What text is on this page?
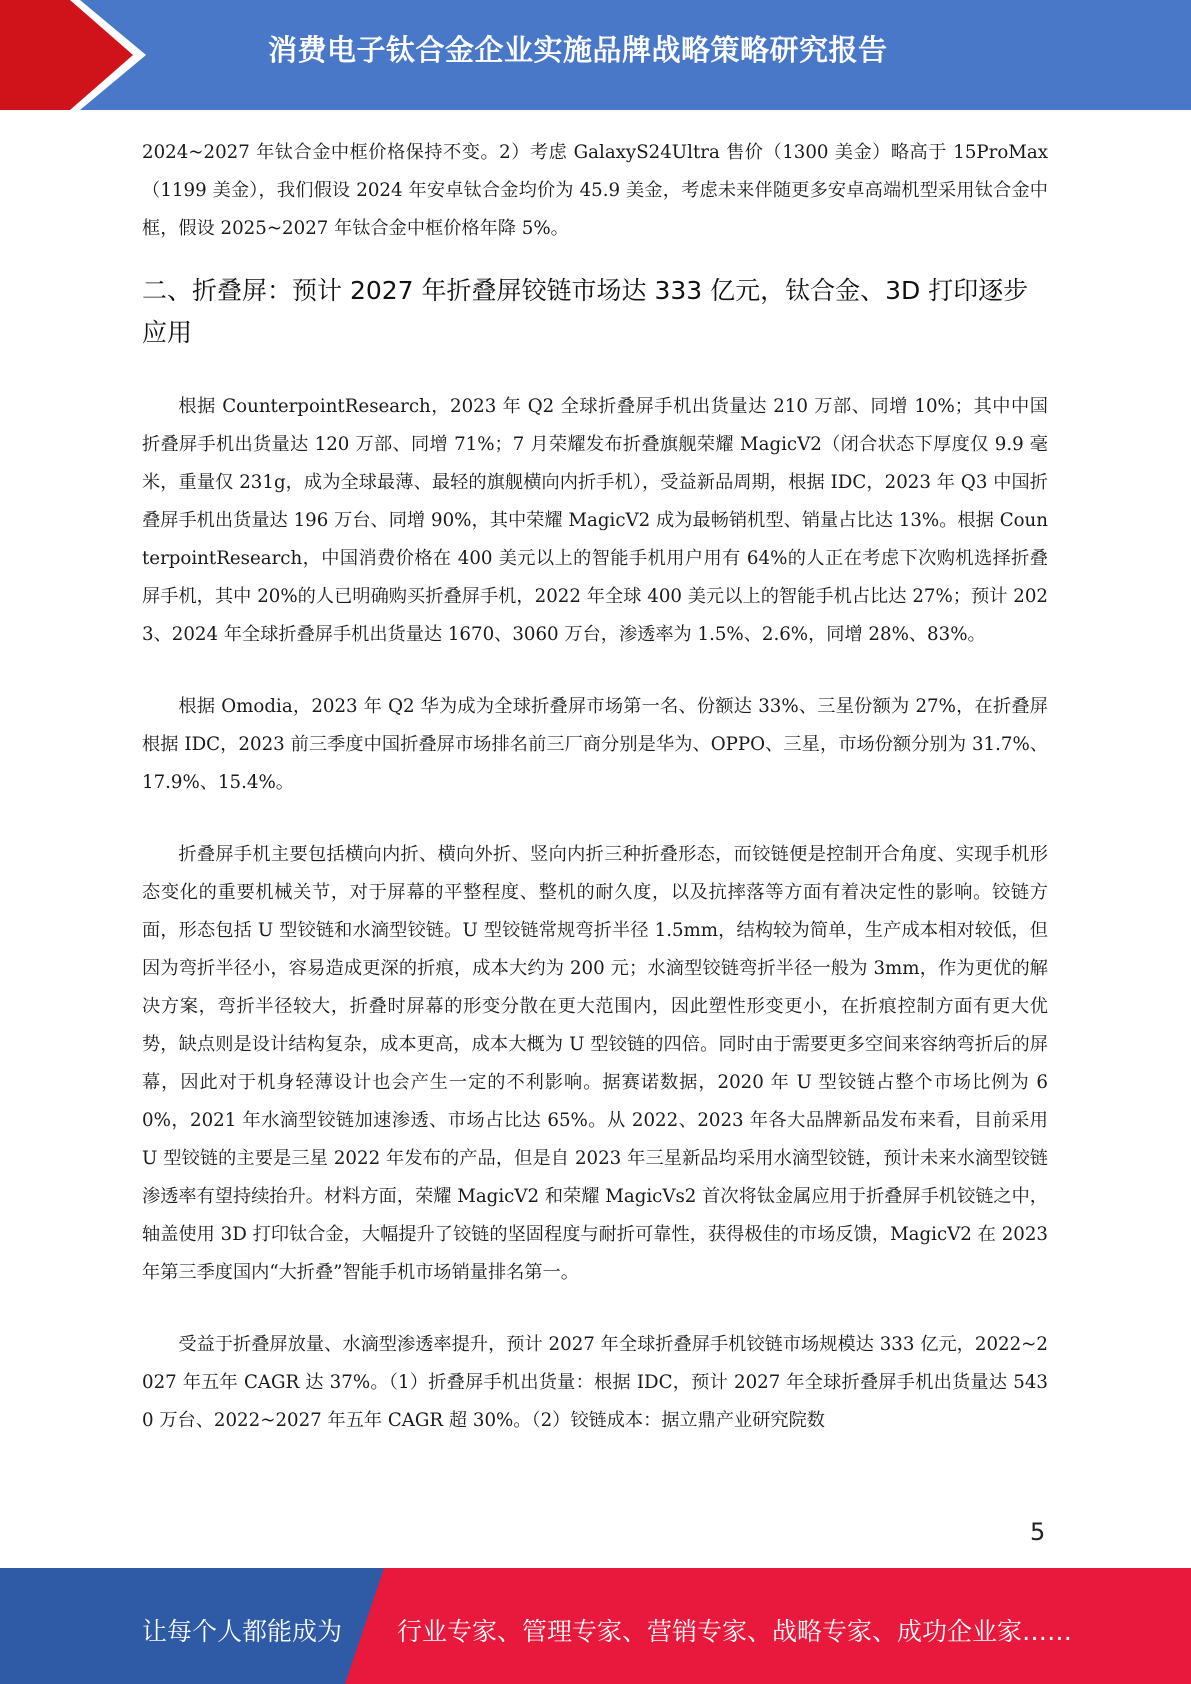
消费电子钛合金企业实施品牌战略策略研究报告

2024~2027 年钛合金中框价格保持不变。2）考虑 GalaxyS24Ultra 售价（1300 美金）略高于 15ProMax（1199 美金），我们假设 2024 年安卓钛合金均价为 45.9 美金，考虑未来伴随更多安卓高端机型采用钛合金中框，假设 2025~2027 年钛合金中框价格年降 5%。

二、折叠屏：预计 2027 年折叠屏铰链市场达 333 亿元，钛合金、3D 打印逐步应用

根据 CounterpointResearch，2023 年 Q2 全球折叠屏手机出货量达 210 万部、同增 10%；其中中国折叠屏手机出货量达 120 万部、同增 71%；7 月荣耀发布折叠旗舰荣耀 MagicV2（闭合状态下厚度仅 9.9 毫米，重量仅 231g，成为全球最薄、最轻的旗舰横向内折手机），受益新品周期，根据 IDC，2023 年 Q3 中国折叠屏手机出货量达 196 万台、同增 90%，其中荣耀 MagicV2 成为最畅销机型、销量占比达 13%。根据 CounterpointResearch，中国消费价格在 400 美元以上的智能手机用户用有 64%的人正在考虑下次购机选择折叠屏手机，其中 20%的人已明确购买折叠屏手机，2022 年全球 400 美元以上的智能手机占比达 27%；预计 2023、2024 年全球折叠屏手机出货量达 1670、3060 万台，渗透率为 1.5%、2.6%，同增 28%、83%。

根据 Omodia，2023 年 Q2 华为成为全球折叠屏市场第一名、份额达 33%、三星份额为 27%，在折叠屏根据 IDC，2023 前三季度中国折叠屏市场排名前三厂商分别是华为、OPPO、三星，市场份额分别为 31.7%、17.9%、15.4%。

折叠屏手机主要包括横向内折、横向外折、竖向内折三种折叠形态，而铰链便是控制开合角度、实现手机形态变化的重要机械关节，对于屏幕的平整程度、整机的耐久度，以及抗摔落等方面有着决定性的影响。铰链方面，形态包括 U 型铰链和水滴型铰链。U 型铰链常规弯折半径 1.5mm，结构较为简单，生产成本相对较低，但因为弯折半径小，容易造成更深的折痕，成本大约为 200 元；水滴型铰链弯折半径一般为 3mm，作为更优的解决方案，弯折半径较大，折叠时屏幕的形变分散在更大范围内，因此塑性形变更小，在折痕控制方面有更大优势，缺点则是设计结构复杂，成本更高，成本大概为 U 型铰链的四倍。同时由于需要更多空间来容纳弯折后的屏幕，因此对于机身轻薄设计也会产生一定的不利影响。据赛诺数据，2020 年 U 型铰链占整个市场比例为 60%，2021 年水滴型铰链加速渗透、市场占比达 65%。从 2022、2023 年各大品牌新品发布来看，目前采用 U 型铰链的主要是三星 2022 年发布的产品，但是自 2023 年三星新品均采用水滴型铰链，预计未来水滴型铰链渗透率有望持续抬升。材料方面，荣耀 MagicV2 和荣耀 MagicVs2 首次将钛金属应用于折叠屏手机铰链之中，轴盖使用 3D 打印钛合金，大幅提升了铰链的坚固程度与耐折可靠性，获得极佳的市场反馈，MagicV2 在 2023 年第三季度国内“大折叠”智能手机市场销量排名第一。

受益于折叠屏放量、水滴型渗透率提升，预计 2027 年全球折叠屏手机铰链市场规模达 333 亿元，2022~2027 年五年 CAGR 达 37%。（1）折叠屏手机出货量：根据 IDC，预计 2027 年全球折叠屏手机出货量达 5430 万台、2022~2027 年五年 CAGR 超 30%。（2）铰链成本：据立鼎产业研究院数

5
让每个人都能成为 行业专家、管理专家、营销专家、战略专家、成功企业家……
